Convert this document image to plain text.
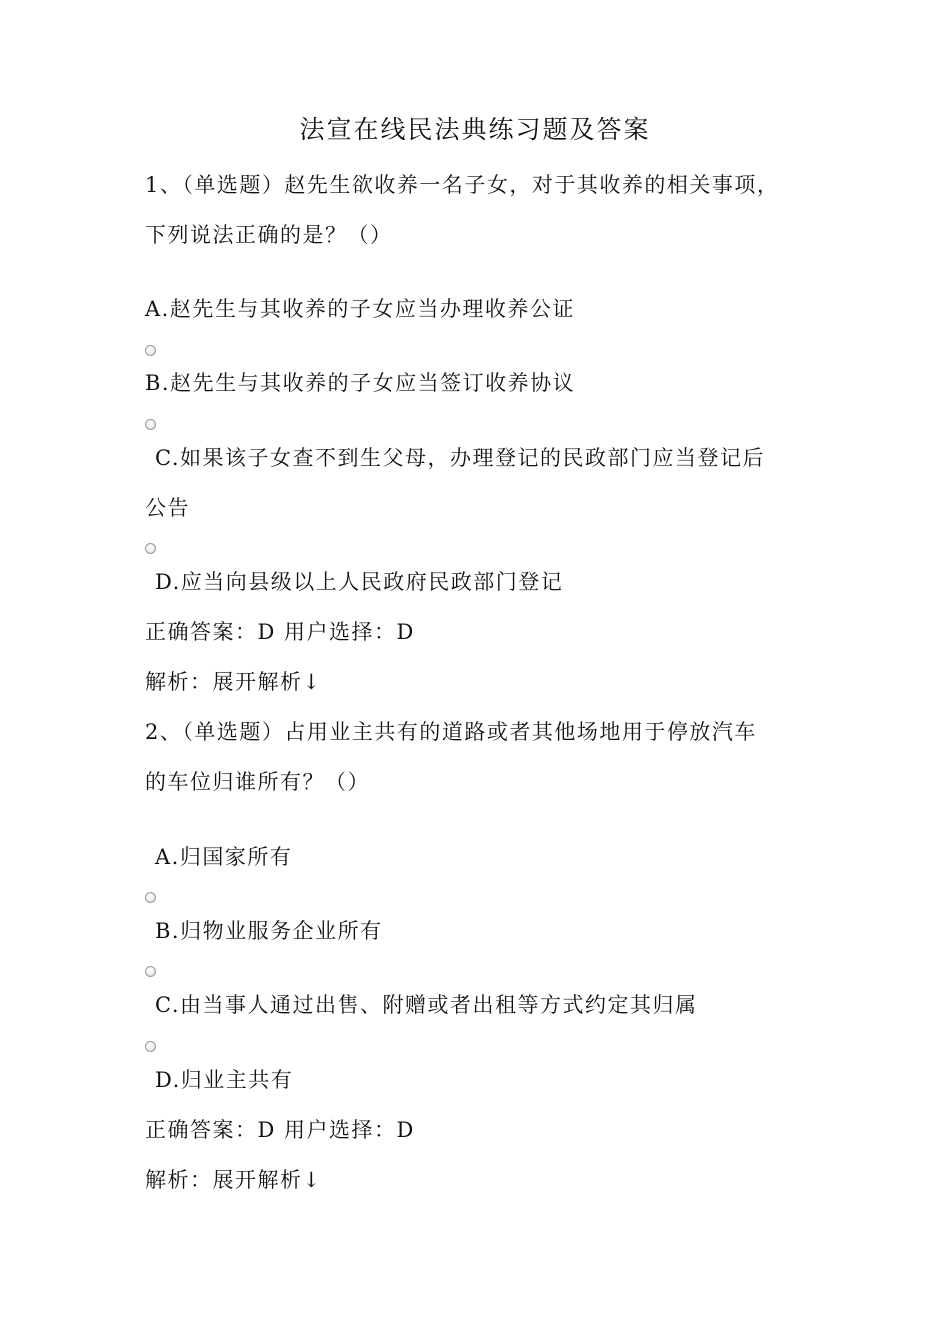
法宣在线民法典练习题及答案
1、（单选题）赵先生欲收养一名子女，对于其收养的相关事项，
下列说法正确的是？（）
A.赵先生与其收养的子女应当办理收养公证
B.赵先生与其收养的子女应当签订收养协议
C.如果该子女查不到生父母，办理登记的民政部门应当登记后
公告
D.应当向县级以上人民政府民政部门登记
正确答案：D 用户选择：D
解析：展开解析↓
2、（单选题）占用业主共有的道路或者其他场地用于停放汽车
的车位归谁所有？（）
A.归国家所有
B.归物业服务企业所有
C.由当事人通过出售、附赠或者出租等方式约定其归属
D.归业主共有
正确答案：D 用户选择：D
解析：展开解析↓
